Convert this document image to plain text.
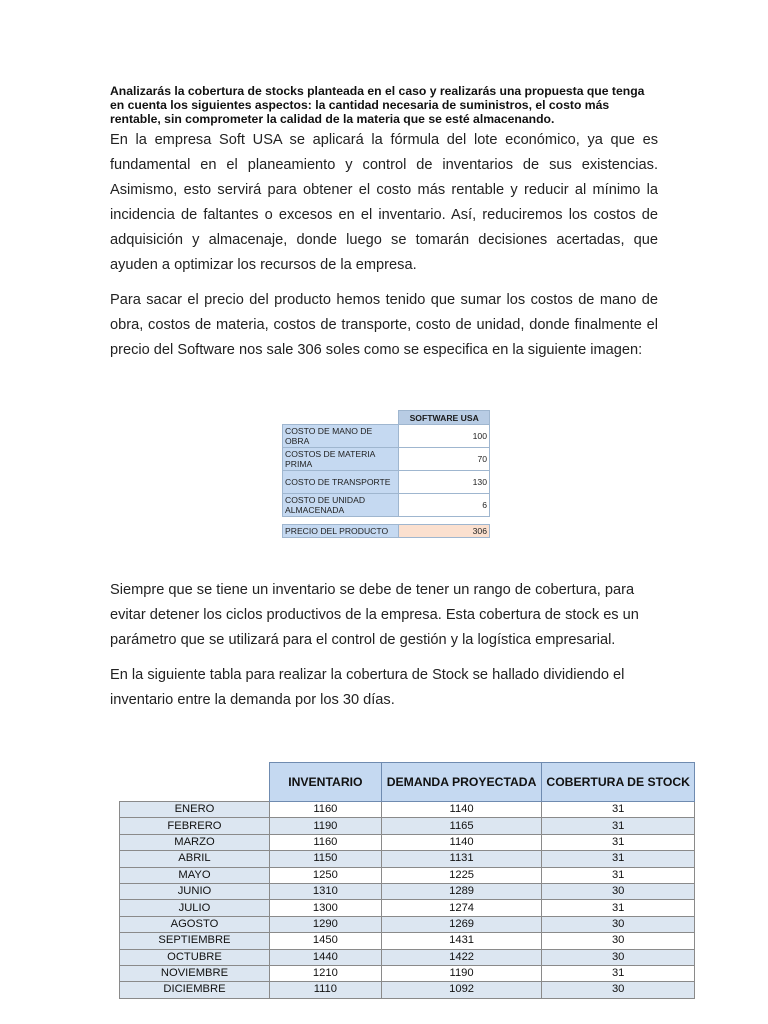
Analizarás la cobertura de stocks planteada en el caso y realizarás una propuesta que tenga en cuenta los siguientes aspectos: la cantidad necesaria de suministros, el costo más rentable, sin comprometer la calidad de la materia que se esté almacenando.

En la empresa Soft USA se aplicará la fórmula del lote económico, ya que es fundamental en el planeamiento y control de inventarios de sus existencias. Asimismo, esto servirá para obtener el costo más rentable y reducir al mínimo la incidencia de faltantes o excesos en el inventario. Así, reduciremos los costos de adquisición y almacenaje, donde luego se tomarán decisiones acertadas, que ayuden a optimizar los recursos de la empresa.

Para sacar el precio del producto hemos tenido que sumar los costos de mano de obra, costos de materia, costos de transporte, costo de unidad, donde finalmente el precio del Software nos sale 306 soles como se especifica en la siguiente imagen:

	SOFTWARE USA
COSTO DE MANO DE OBRA	100
COSTOS DE MATERIA PRIMA	70
COSTO DE TRANSPORTE	130
COSTO DE UNIDAD ALMACENADA	6

PRECIO DEL PRODUCTO	306

Siempre que se tiene un inventario se debe de tener un rango de cobertura, para evitar detener los ciclos productivos de la empresa. Esta cobertura de stock es un parámetro que se utilizará para el control de gestión y la logística empresarial.

En la siguiente tabla para realizar la cobertura de Stock se hallado dividiendo el inventario entre la demanda por los 30 días.

	INVENTARIO	DEMANDA PROYECTADA	COBERTURA DE STOCK
ENERO	1160	1140	31
FEBRERO	1190	1165	31
MARZO	1160	1140	31
ABRIL	1150	1131	31
MAYO	1250	1225	31
JUNIO	1310	1289	30
JULIO	1300	1274	31
AGOSTO	1290	1269	30
SEPTIEMBRE	1450	1431	30
OCTUBRE	1440	1422	30
NOVIEMBRE	1210	1190	31
DICIEMBRE	1110	1092	30
